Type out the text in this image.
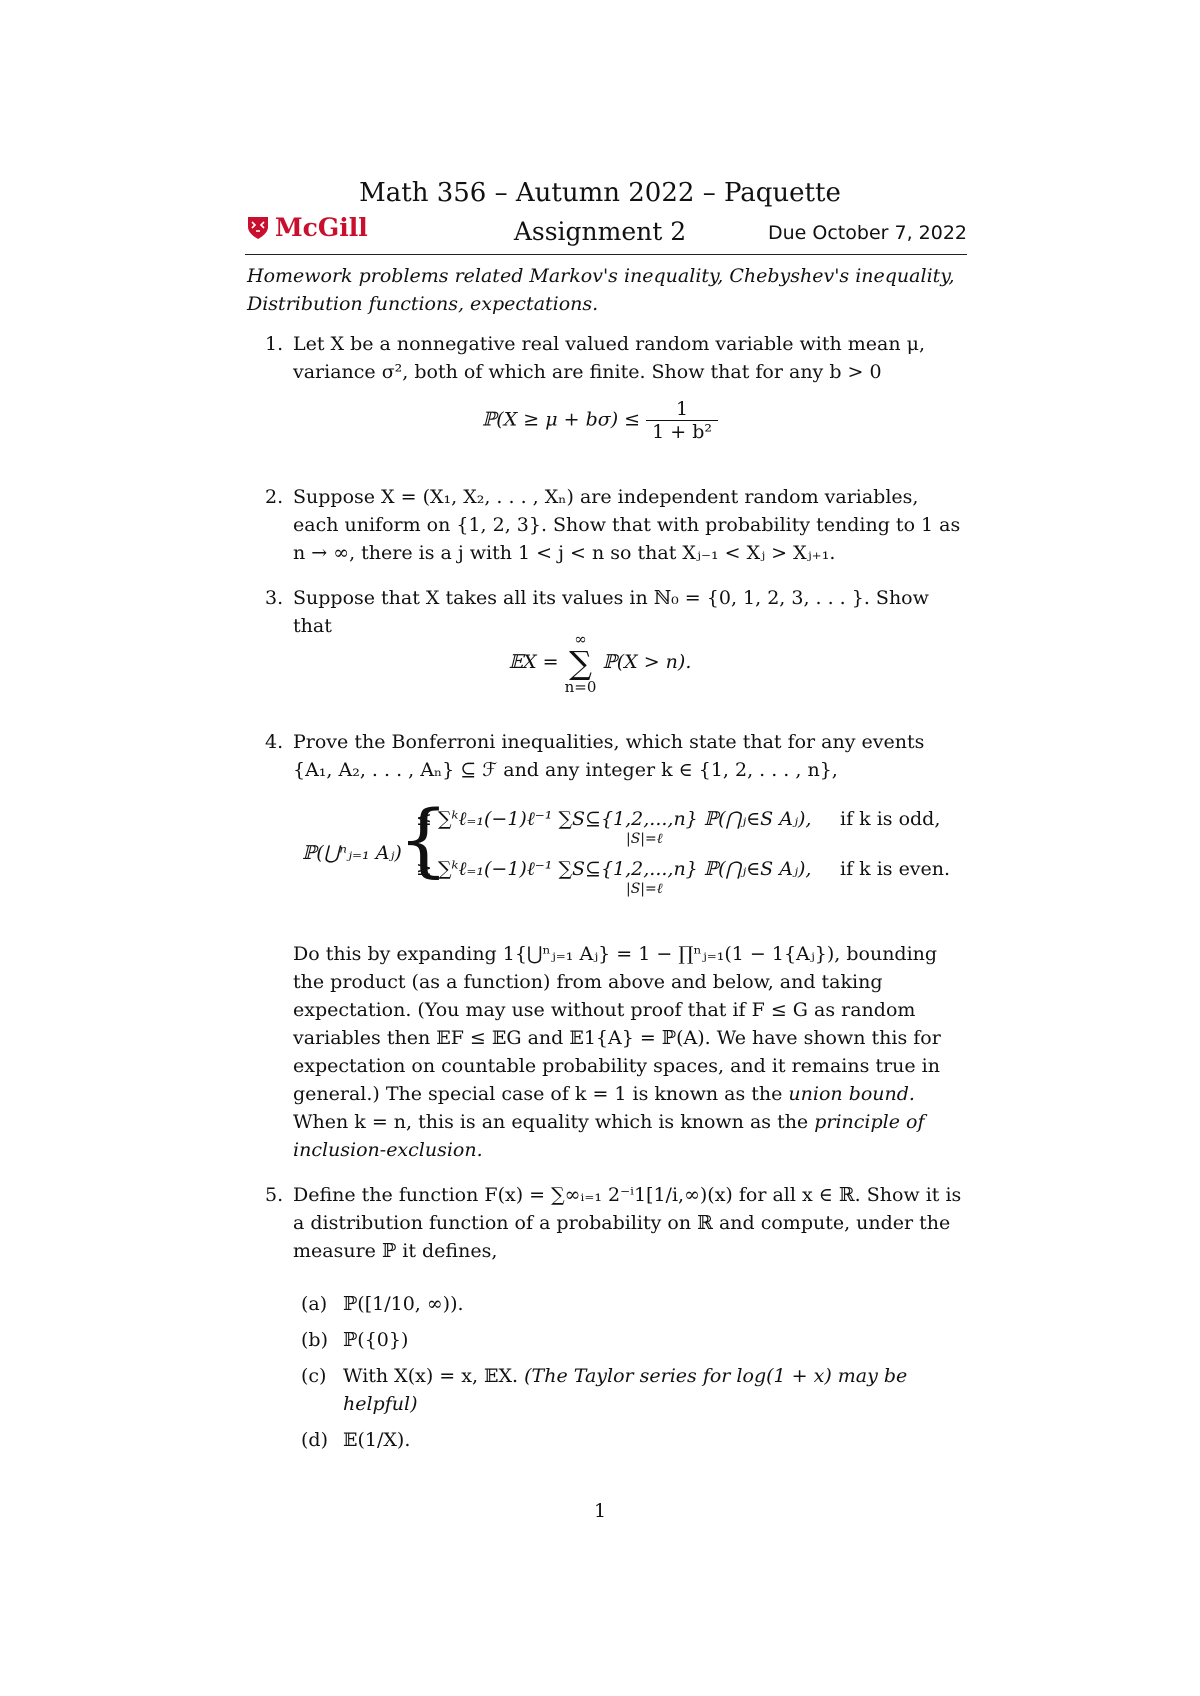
Math 356 – Autumn 2022 – Paquette
McGill	Assignment 2	Due October 7, 2022
Homework problems related Markov's inequality, Chebyshev's inequality, Distribution functions, expectations.
1. Let X be a nonnegative real valued random variable with mean μ, variance σ², both of which are finite. Show that for any b > 0
ℙ(X ≥ $\mu + b\sigma) \le \frac{1}{\text{1 + b²}}$
2. Suppose X = (X₁, X₂, . . . , Xₙ) are independent random variables, each uniform on {1, 2, 3}. Show that with probability tending to 1 as n → ∞, there is a j with 1 < j < n so that Xⱼ₋₁ < Xⱼ > Xⱼ₊₁.
3. Suppose that X takes all its values in ℕ₀ = {0, 1, 2, 3, . . . }. Show that
𝔼X =
∞
∑
n=0
ℙ(X > n).
4. Prove the Bonferroni inequalities, which state that for any events {A₁, A₂, . . . , Aₙ} ⊆ ℱ and any integer k ∈ {1, 2, . . . , n},
ℙ(⋃ⁿⱼ₌₁ Aⱼ)
{
≤ ∑ᵏℓ₌₁(−1)ℓ⁻¹ ∑S⊆{1,2,...,n} ℙ(⋂ⱼ∈S Aⱼ), if k is odd,
|S|=ℓ
≥ ∑ᵏℓ₌₁(−1)ℓ⁻¹ ∑S⊆{1,2,...,n} ℙ(⋂ⱼ∈S Aⱼ), if k is even.
|S|=ℓ
Do this by expanding 1{⋃ⁿⱼ₌₁ Aⱼ} = 1 − ∏ⁿⱼ₌₁(1 − 1{Aⱼ}), bounding the product (as a function) from above and below, and taking expectation. (You may use without proof that if F ≤ G as random variables then 𝔼F ≤ 𝔼G and 𝔼1{A} = ℙ(A). We have shown this for expectation on countable probability spaces, and it remains true in general.) The special case of k = 1 is known as the union bound. When k = n, this is an equality which is known as the principle of inclusion-exclusion.
5. Define the function F(x) = ∑∞ᵢ₌₁ 2⁻ⁱ1[1/i,∞)(x) for all x ∈ ℝ. Show it is a distribution function of a probability on ℝ and compute, under the measure ℙ it defines,
(a) ℙ([1/10, ∞)).
(b) ℙ({0})
(c) With X(x) = x, 𝔼X. (The Taylor series for log(1 + x) may be helpful)
(d) 𝔼(1/X).
1
